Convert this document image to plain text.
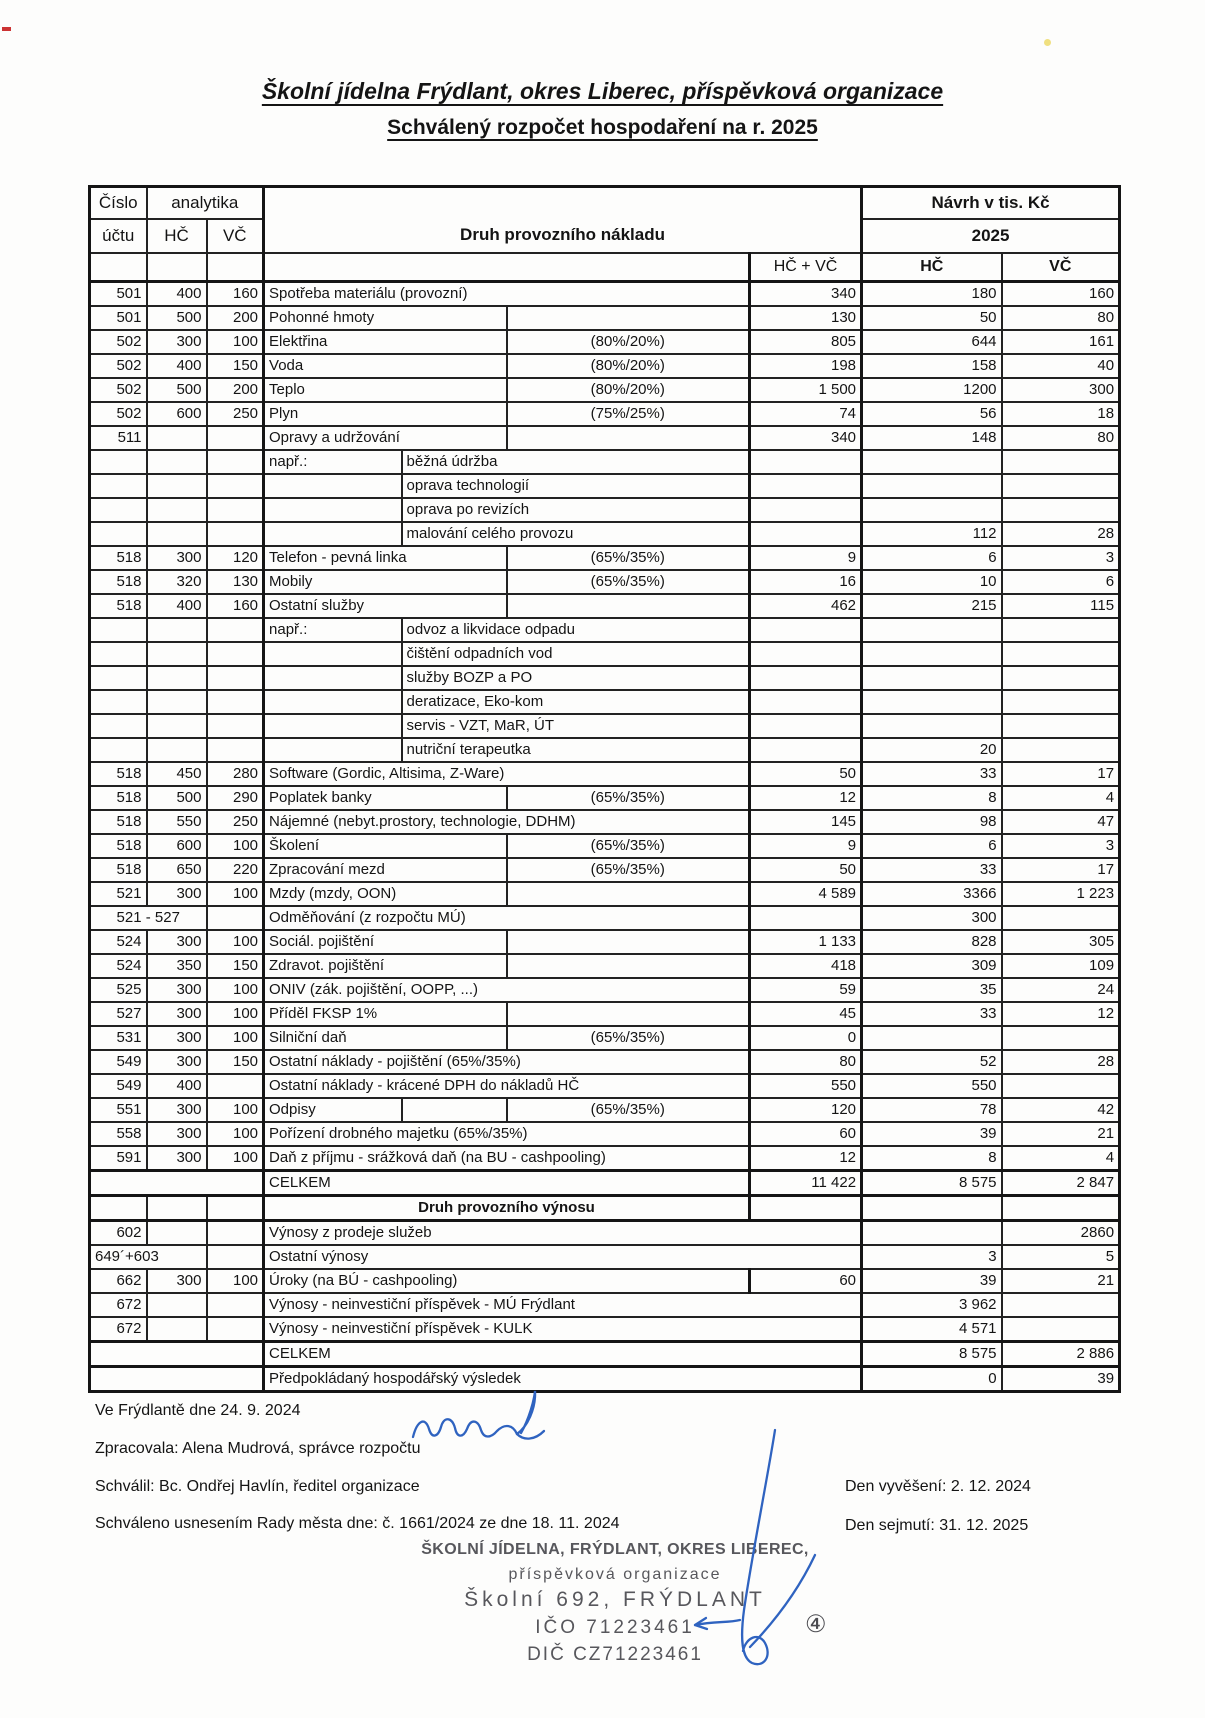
Školní jídelna Frýdlant, okres Liberec, příspěvková organizace
Schválený rozpočet hospodaření na r. 2025
Číslo	analytika		Druh provozního nákladu				Návrh v tis. Kč	
účtu	HČ	VČ					2025	
						HČ + VČ	HČ	VČ
501	400	160	Spotřeba materiálu (provozní)			340	180	160
501	500	200	Pohonné hmoty			130	50	80
502	300	100	Elektřina		(80%/20%)	805	644	161
502	400	150	Voda		(80%/20%)	198	158	40
502	500	200	Teplo		(80%/20%)	1 500	1200	300
502	600	250	Plyn		(75%/25%)	74	56	18
511			Opravy a udržování			340	148	80
			např.:	běžná údržba				
				oprava technologií				
				oprava po revizích				
				malování celého provozu			112	28
518	300	120	Telefon - pevná linka		(65%/35%)	9	6	3
518	320	130	Mobily		(65%/35%)	16	10	6
518	400	160	Ostatní služby			462	215	115
			např.:	odvoz a likvidace odpadu				
				čištění odpadních vod				
				služby BOZP a PO				
				deratizace, Eko-kom				
				servis - VZT, MaR, ÚT				
				nutriční terapeutka			20	
518	450	280	Software (Gordic, Altisima, Z-Ware)			50	33	17
518	500	290	Poplatek banky		(65%/35%)	12	8	4
518	550	250	Nájemné (nebyt.prostory, technologie, DDHM)			145	98	47
518	600	100	Školení		(65%/35%)	9	6	3
518	650	220	Zpracování mezd		(65%/35%)	50	33	17
521	300	100	Mzdy (mzdy, OON)			4 589	3366	1 223
521 - 527			Odměňování (z rozpočtu MÚ)				300	
524	300	100	Sociál. pojištění			1 133	828	305
524	350	150	Zdravot. pojištění			418	309	109
525	300	100	ONIV (zák. pojištění, OOPP, ...)			59	35	24
527	300	100	Příděl FKSP 1%			45	33	12
531	300	100	Silniční daň		(65%/35%)	0		
549	300	150	Ostatní náklady - pojištění (65%/35%)			80	52	28
549	400		Ostatní náklady - krácené DPH do nákladů HČ			550	550	
551	300	100	Odpisy		(65%/35%)	120	78	42
558	300	100	Pořízení drobného majetku (65%/35%)			60	39	21
591	300	100	Daň z příjmu - srážková daň (na BU - cashpooling)			12	8	4
			CELKEM			11 422	8 575	2 847
			Druh provozního výnosu					
602			Výnosy z prodeje služeb					2860
649´+603			Ostatní výnosy				3	5
662	300	100	Úroky (na BÚ - cashpooling)			60	39	21
672			Výnosy - neinvestiční příspěvek - MÚ Frýdlant				3 962	
672			Výnosy - neinvestiční příspěvek - KULK				4 571	
			CELKEM				8 575	2 886
			Předpokládaný hospodářský výsledek				0	39
Ve Frýdlantě dne 24. 9. 2024
Zpracovala: Alena Mudrová, správce rozpočtu
Schválil: Bc. Ondřej Havlín, ředitel organizace
Schváleno usnesením Rady města dne: č. 1661/2024 ze dne 18. 11. 2024
Den vyvěšení: 2. 12. 2024
Den sejmutí: 31. 12. 2025
ŠKOLNÍ JÍDELNA, FRÝDLANT, OKRES LIBEREC,
příspěvková organizace
Školní 692, FRÝDLANT
IČO 71223461
DIČ CZ71223461
④
